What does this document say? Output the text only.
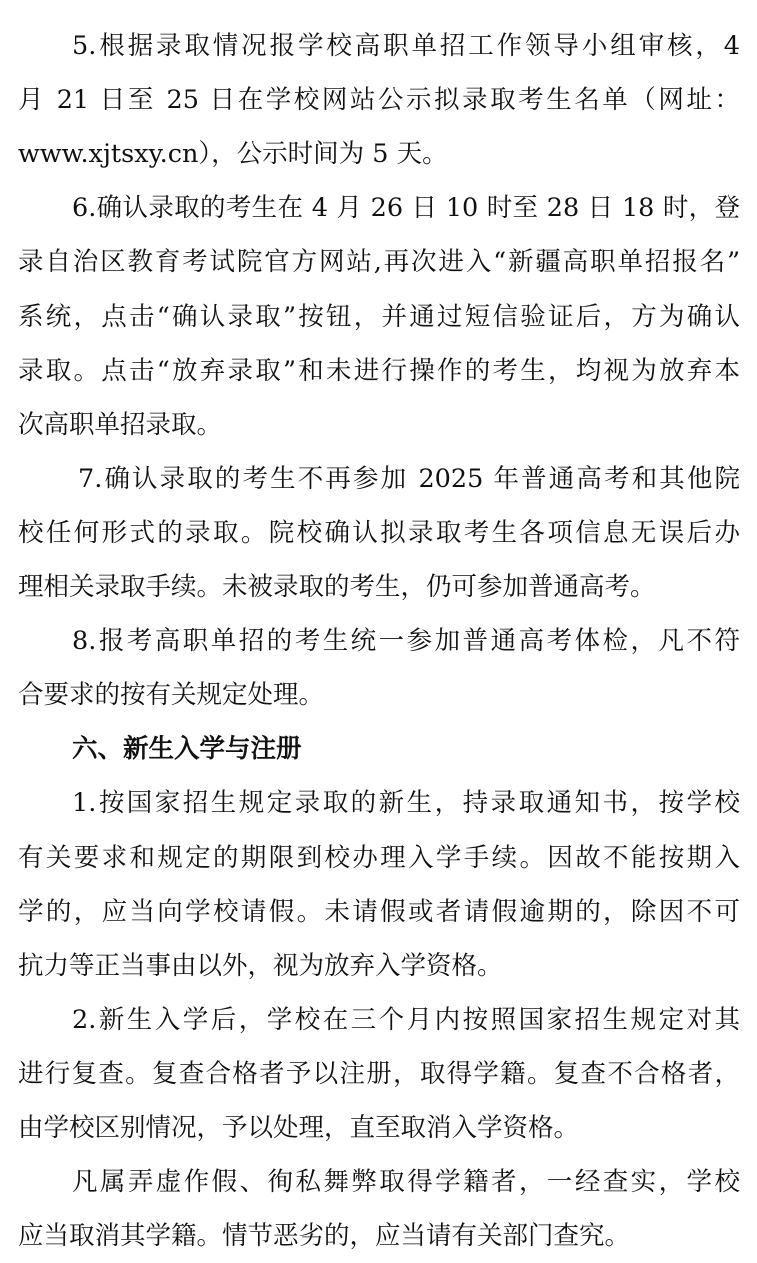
5.根据录取情况报学校高职单招工作领导小组审核，4
月 21 日至 25 日在学校网站公示拟录取考生名单（网址：
www.xjtsxy.cn），公示时间为 5 天。
6.确认录取的考生在 4 月 26 日 10 时至 28 日 18 时，登
录自治区教育考试院官方网站,再次进入“新疆高职单招报名”
系统，点击“确认录取”按钮，并通过短信验证后，方为确认
录取。点击“放弃录取”和未进行操作的考生，均视为放弃本
次高职单招录取。
7.确认录取的考生不再参加 2025 年普通高考和其他院
校任何形式的录取。院校确认拟录取考生各项信息无误后办
理相关录取手续。未被录取的考生，仍可参加普通高考。
8.报考高职单招的考生统一参加普通高考体检，凡不符
合要求的按有关规定处理。
六、新生入学与注册
1.按国家招生规定录取的新生，持录取通知书，按学校
有关要求和规定的期限到校办理入学手续。因故不能按期入
学的，应当向学校请假。未请假或者请假逾期的，除因不可
抗力等正当事由以外，视为放弃入学资格。
2.新生入学后，学校在三个月内按照国家招生规定对其
进行复查。复查合格者予以注册，取得学籍。复查不合格者，
由学校区别情况，予以处理，直至取消入学资格。
凡属弄虚作假、徇私舞弊取得学籍者，一经查实，学校
应当取消其学籍。情节恶劣的，应当请有关部门查究。
